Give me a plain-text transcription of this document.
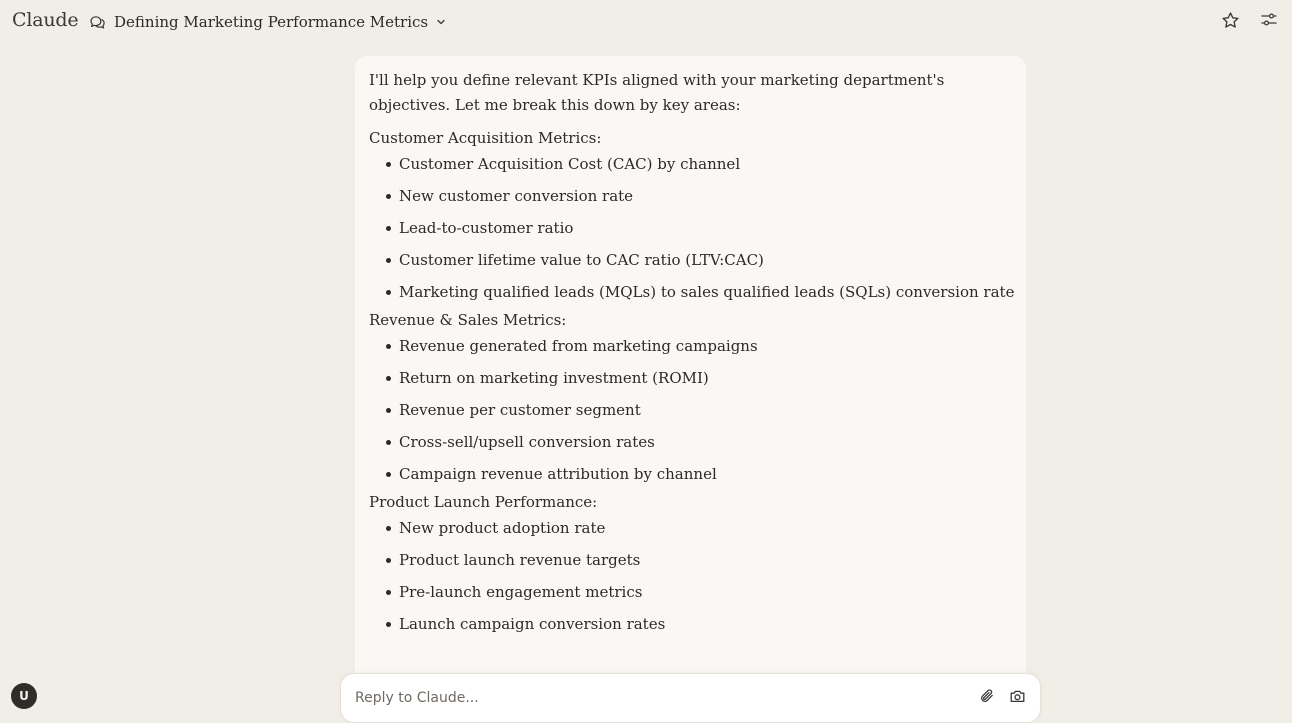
Claude Defining Marketing Performance Metrics

I'll help you define relevant KPIs aligned with your marketing department's objectives. Let me break this down by key areas:

Customer Acquisition Metrics:
Customer Acquisition Cost (CAC) by channel
New customer conversion rate
Lead-to-customer ratio
Customer lifetime value to CAC ratio (LTV:CAC)
Marketing qualified leads (MQLs) to sales qualified leads (SQLs) conversion rate
Revenue & Sales Metrics:
Revenue generated from marketing campaigns
Return on marketing investment (ROMI)
Revenue per customer segment
Cross-sell/upsell conversion rates
Campaign revenue attribution by channel
Product Launch Performance:
New product adoption rate
Product launch revenue targets
Pre-launch engagement metrics
Launch campaign conversion rates
U
Reply to Claude...
